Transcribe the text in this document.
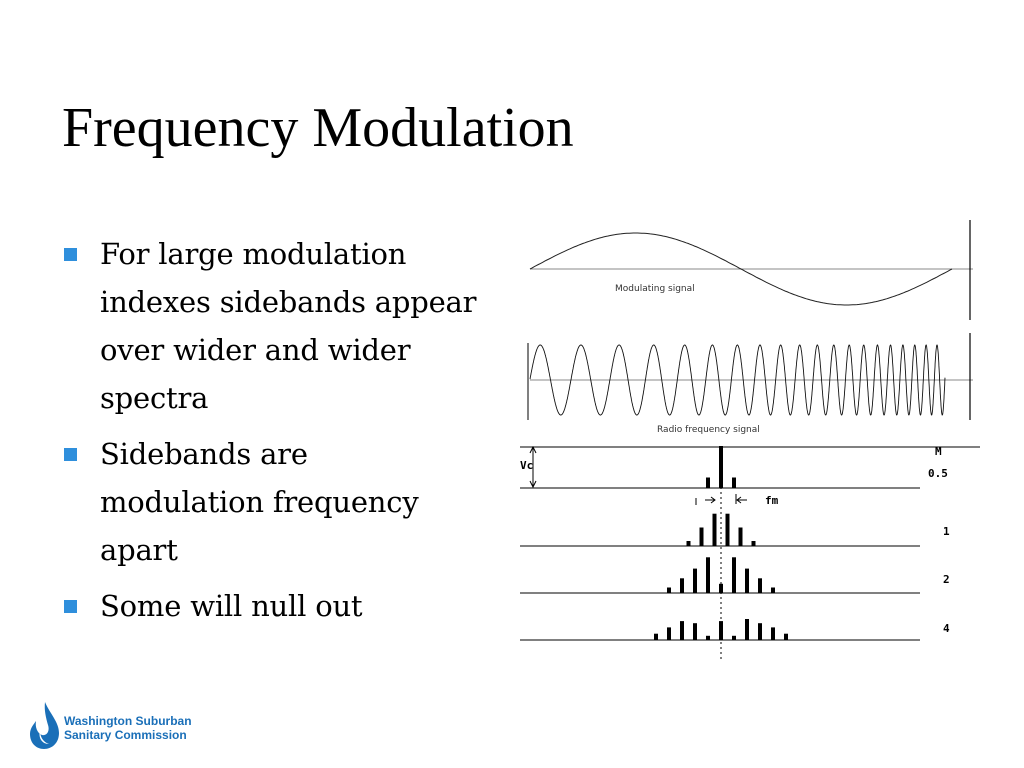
Frequency Modulation
For large modulation indexes sidebands appear over wider and wider spectra
Sidebands are modulation frequency apart
Some will null out
Modulating signal
Radio frequency signal
Vc
M
fm
0.5
1
2
4
Washington Suburban
Sanitary Commission
